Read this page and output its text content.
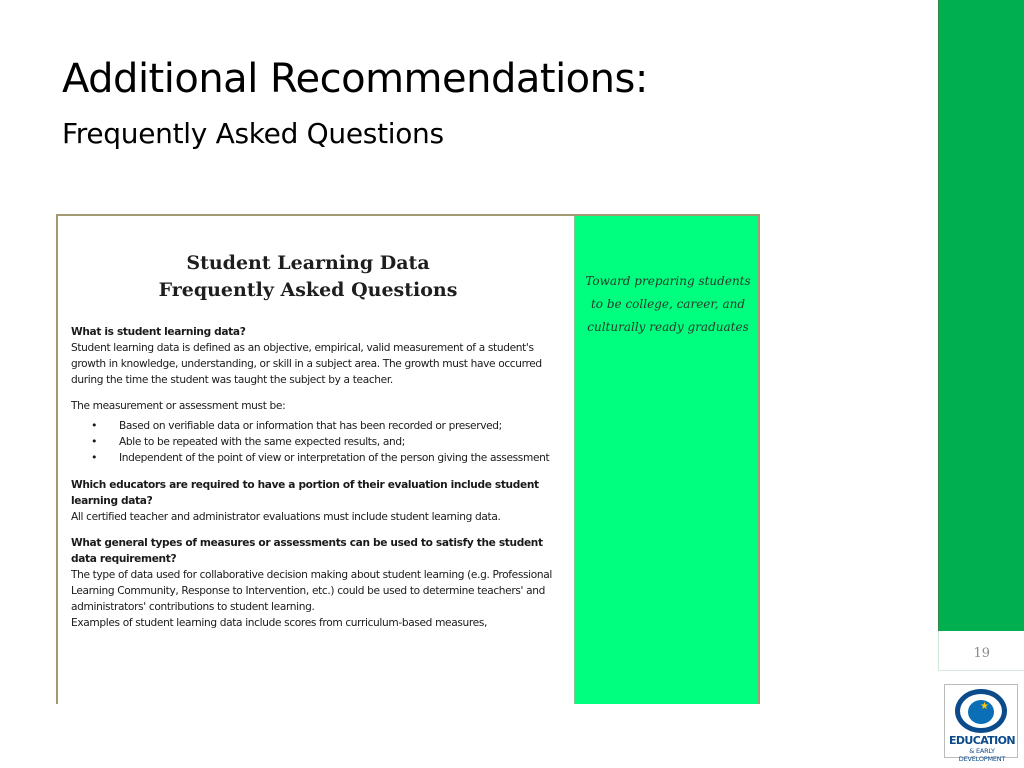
Additional Recommendations:
Frequently Asked Questions
19
★
EDUCATION
& EARLY DEVELOPMENT
Student Learning Data
Frequently Asked Questions

What is student learning data?

Student learning data is defined as an objective, empirical, valid measurement of a student's growth in knowledge, understanding, or skill in a subject area. The growth must have occurred during the time the student was taught the subject by a teacher.

The measurement or assessment must be:

• Based on verifiable data or information that has been recorded or preserved;
• Able to be repeated with the same expected results, and;
• Independent of the point of view or interpretation of the person giving the assessment

Which educators are required to have a portion of their evaluation include student learning data?

All certified teacher and administrator evaluations must include student learning data.

What general types of measures or assessments can be used to satisfy the student data requirement?

The type of data used for collaborative decision making about student learning (e.g. Professional Learning Community, Response to Intervention, etc.) could be used to determine teachers' and administrators' contributions to student learning.

Examples of student learning data include scores from curriculum-based measures,

Toward preparing students to be college, career, and culturally ready graduates
